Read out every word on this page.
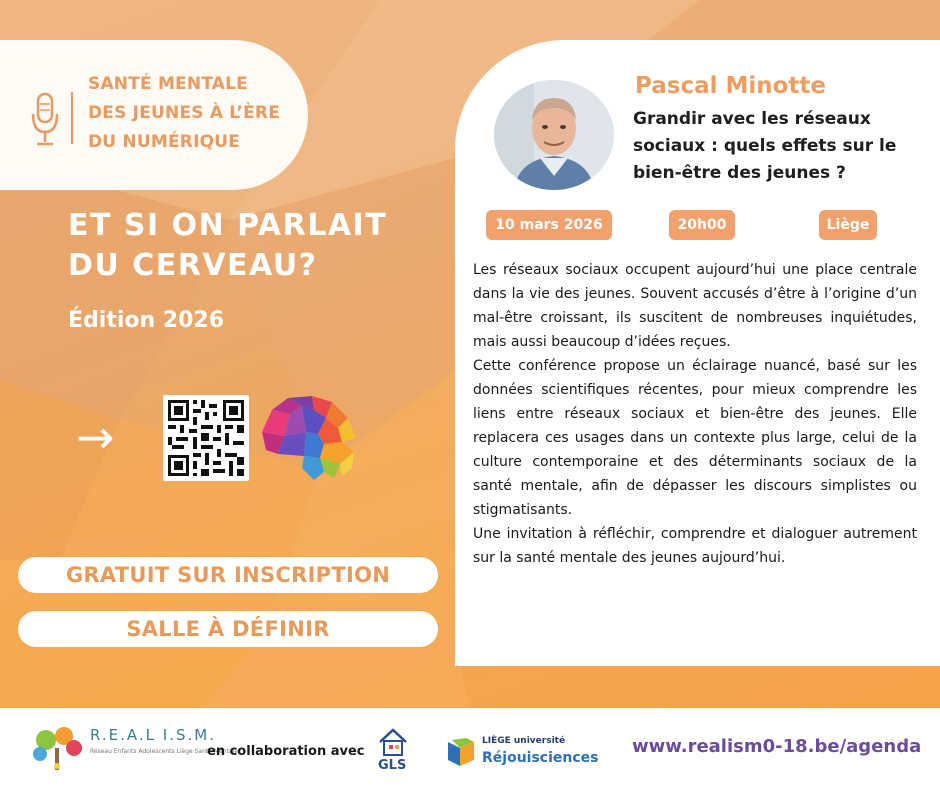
SANTÉ MENTALE
DES JEUNES À L’ÈRE
DU NUMÉRIQUE
ET SI ON PARLAIT
DU CERVEAU?
Édition 2026
→
GRATUIT SUR INSCRIPTION
SALLE À DÉFINIR
Pascal Minotte
Grandir avec les réseaux
sociaux : quels effets sur le
bien-être des jeunes ?
10 mars 2026	20h00	Liège

Les réseaux sociaux occupent aujourd’hui une place centrale dans la vie des jeunes. Souvent accusés d’être à l’origine d’un mal-être croissant, ils suscitent de nombreuses inquiétudes, mais aussi beaucoup d’idées reçues.

Cette conférence propose un éclairage nuancé, basé sur les données scientifiques récentes, pour mieux comprendre les liens entre réseaux sociaux et bien-être des jeunes. Elle replacera ces usages dans un contexte plus large, celui de la culture contemporaine et des déterminants sociaux de la santé mentale, afin de dépasser les discours simplistes ou stigmatisants.

Une invitation à réfléchir, comprendre et dialoguer autrement sur la santé mentale des jeunes aujourd’hui.

R.E.A.L I.S.M.

Réseau Enfants Adolescents Liège Santé Mentale

en collaboration avec

GLS

LIÈGE université

Réjouisciences

www.realism0-18.be/agenda
